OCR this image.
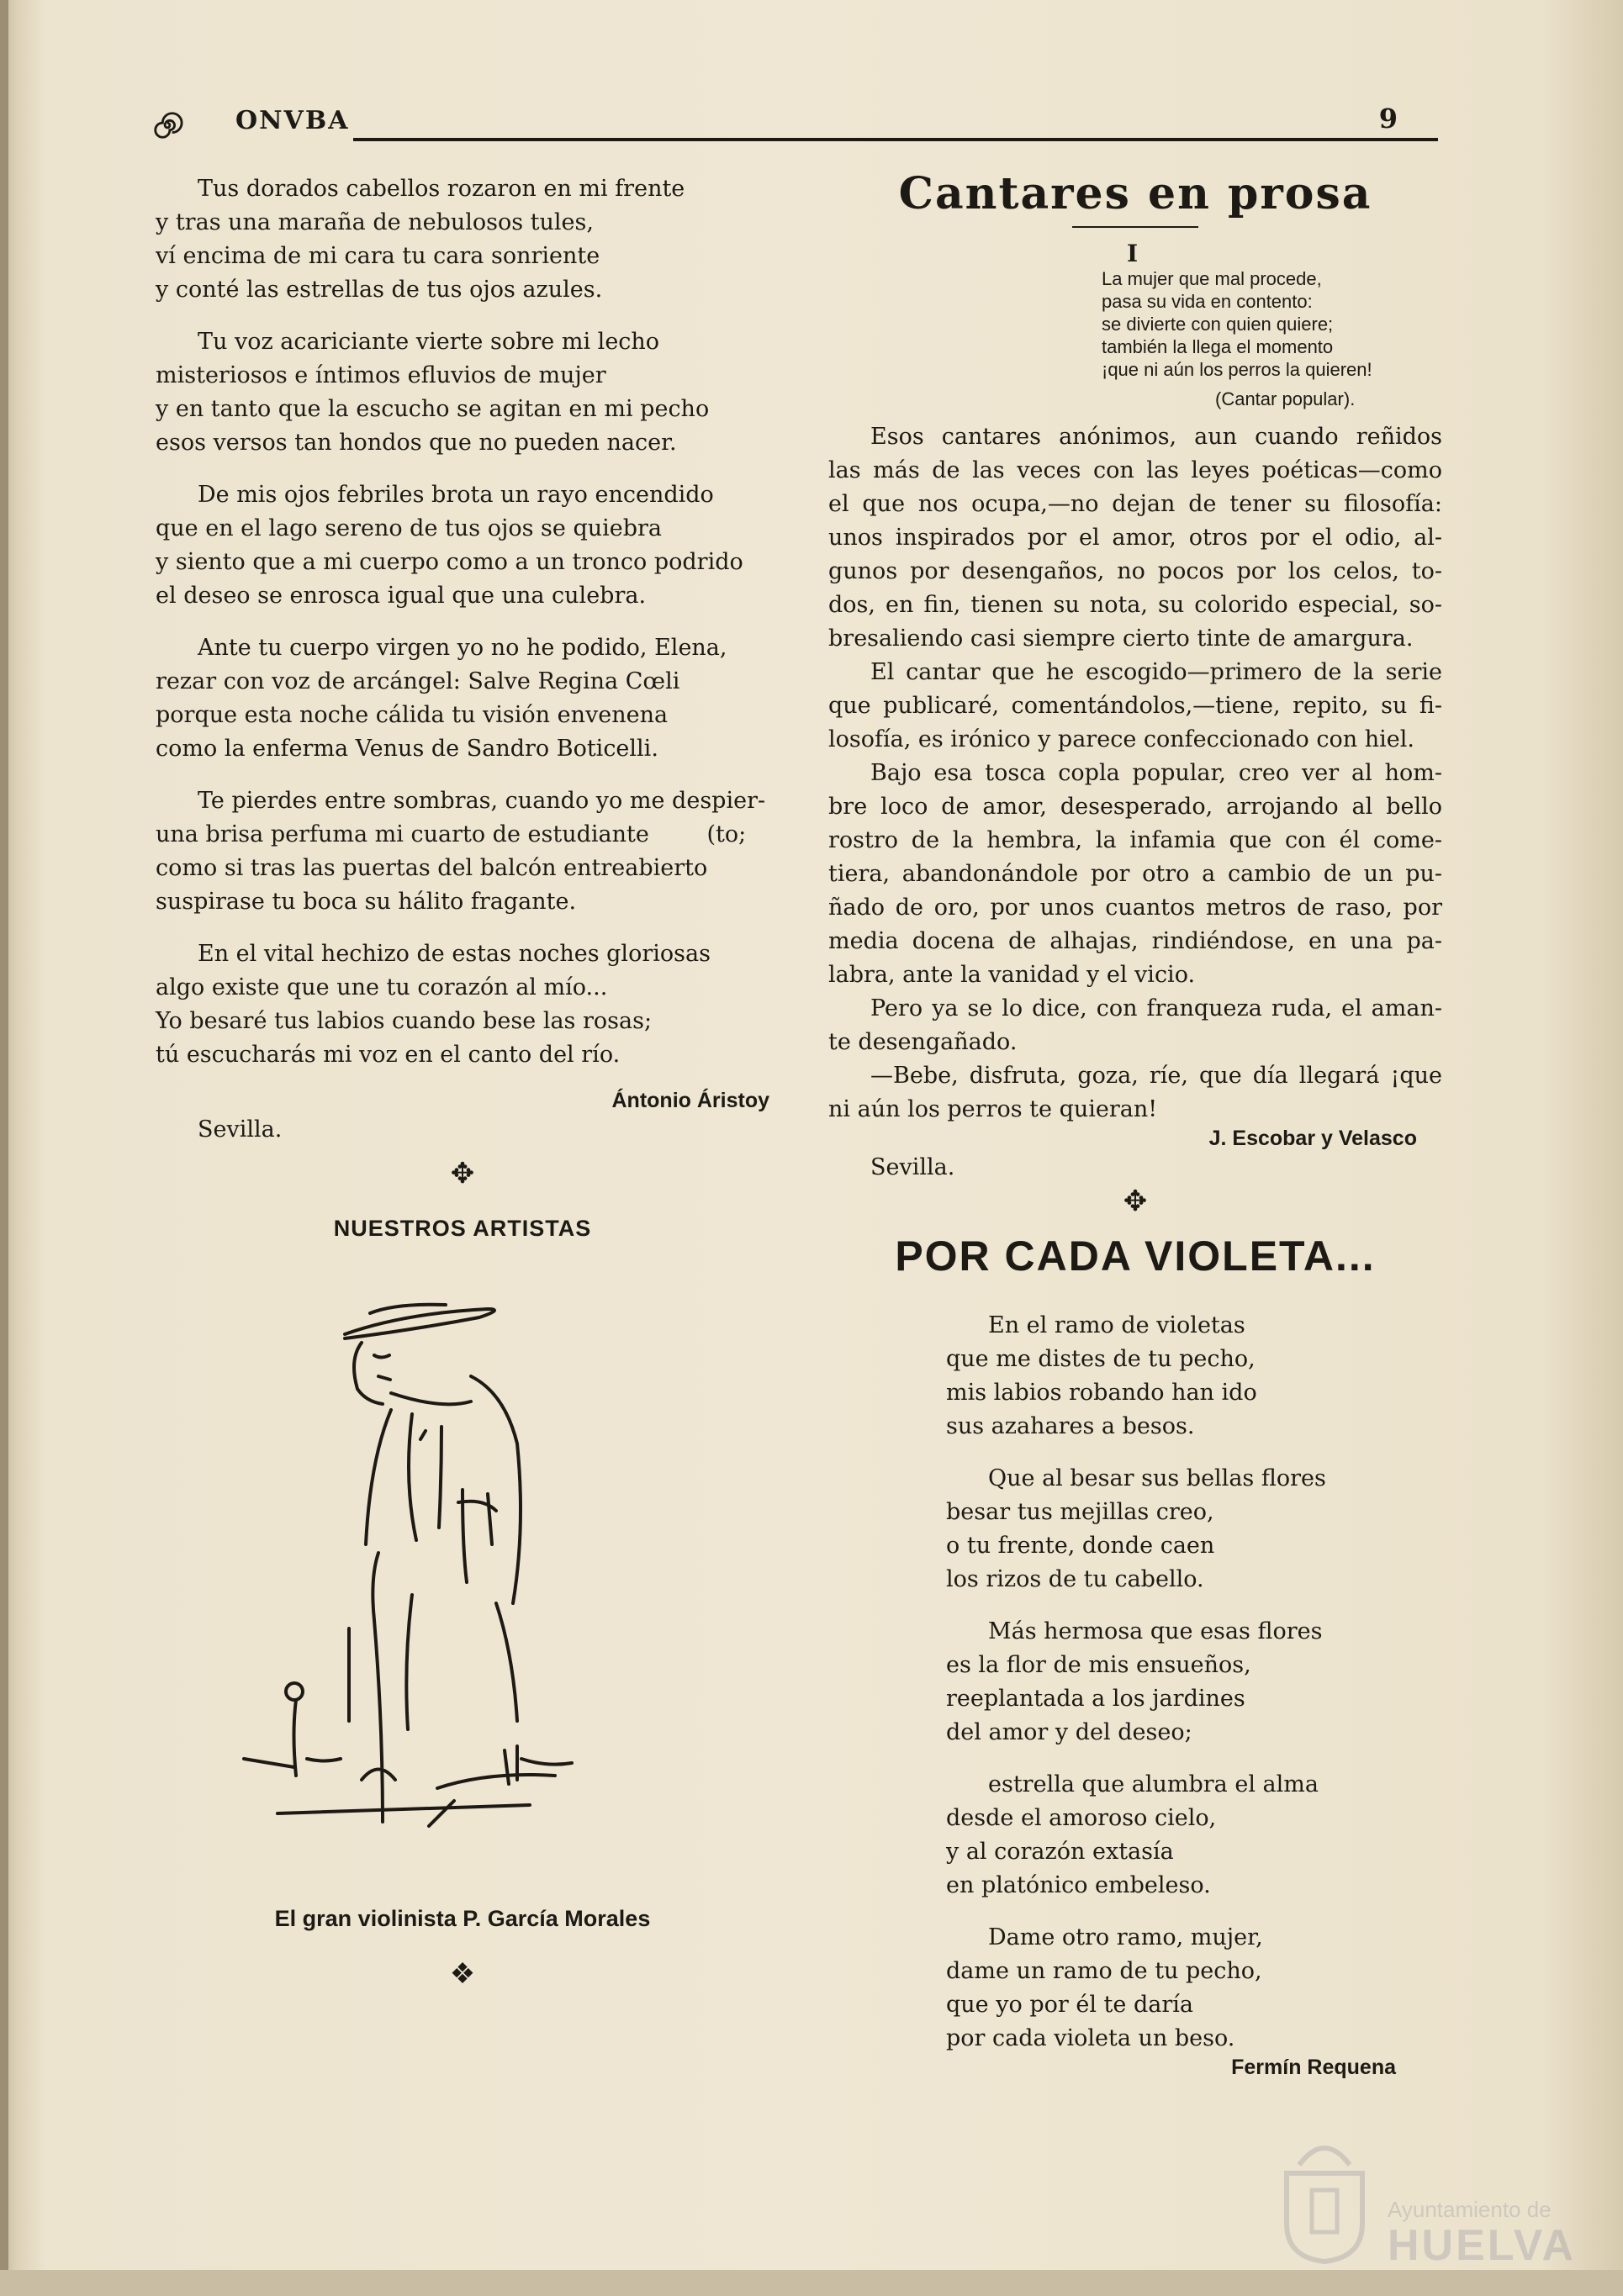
ONVBA	9

Tus dorados cabellos rozaron en mi frente

y tras una maraña de nebulosos tules,

ví encima de mi cara tu cara sonriente

y conté las estrellas de tus ojos azules.

Tu voz acariciante vierte sobre mi lecho

misteriosos e íntimos efluvios de mujer

y en tanto que la escucho se agitan en mi pecho

esos versos tan hondos que no pueden nacer.

De mis ojos febriles brota un rayo encendido

que en el lago sereno de tus ojos se quiebra

y siento que a mi cuerpo como a un tronco podrido

el deseo se enrosca igual que una culebra.

Ante tu cuerpo virgen yo no he podido, Elena,

rezar con voz de arcángel: Salve Regina Cœli

porque esta noche cálida tu visión envenena

como la enferma Venus de Sandro Boticelli.

Te pierdes entre sombras, cuando yo me despier-

una brisa perfuma mi cuarto de estudiante        (to;

como si tras las puertas del balcón entreabierto

suspirase tu boca su hálito fragante.

En el vital hechizo de estas noches gloriosas

algo existe que une tu corazón al mío...

Yo besaré tus labios cuando bese las rosas;

tú escucharás mi voz en el canto del río.

Ántonio Áristoy
Sevilla.
✥
NUESTROS ARTISTAS
El gran violinista P. García Morales
❖
Cantares en prosa
I

La mujer que mal procede,

pasa su vida en contento:

se divierte con quien quiere;

también la llega el momento

¡que ni aún los perros la quieren!

(Cantar popular).

Esos cantares anónimos, aun cuando reñidos

las más de las veces con las leyes poéticas—como

el que nos ocupa,—no dejan de tener su filosofía:

unos inspirados por el amor, otros por el odio, al-

gunos por desengaños, no pocos por los celos, to-

dos, en fin, tienen su nota, su colorido especial, so-

bresaliendo casi siempre cierto tinte de amargura.

El cantar que he escogido—primero de la serie

que publicaré, comentándolos,—tiene, repito, su fi-

losofía, es irónico y parece confeccionado con hiel.

Bajo esa tosca copla popular, creo ver al hom-

bre loco de amor, desesperado, arrojando al bello

rostro de la hembra, la infamia que con él come-

tiera, abandonándole por otro a cambio de un pu-

ñado de oro, por unos cuantos metros de raso, por

media docena de alhajas, rindiéndose, en una pa-

labra, ante la vanidad y el vicio.

Pero ya se lo dice, con franqueza ruda, el aman-

te desengañado.

—Bebe, disfruta, goza, ríe, que día llegará ¡que

ni aún los perros te quieran!

J. Escobar y Velasco
Sevilla.
✥
POR CADA VIOLETA...

En el ramo de violetas

que me distes de tu pecho,

mis labios robando han ido

sus azahares a besos.

Que al besar sus bellas flores

besar tus mejillas creo,

o tu frente, donde caen

los rizos de tu cabello.

Más hermosa que esas flores

es la flor de mis ensueños,

reeplantada a los jardines

del amor y del deseo;

estrella que alumbra el alma

desde el amoroso cielo,

y al corazón extasía

en platónico embeleso.

Dame otro ramo, mujer,

dame un ramo de tu pecho,

que yo por él te daría

por cada violeta un beso.

Fermín Requena
Ayuntamiento de
HUELVA
